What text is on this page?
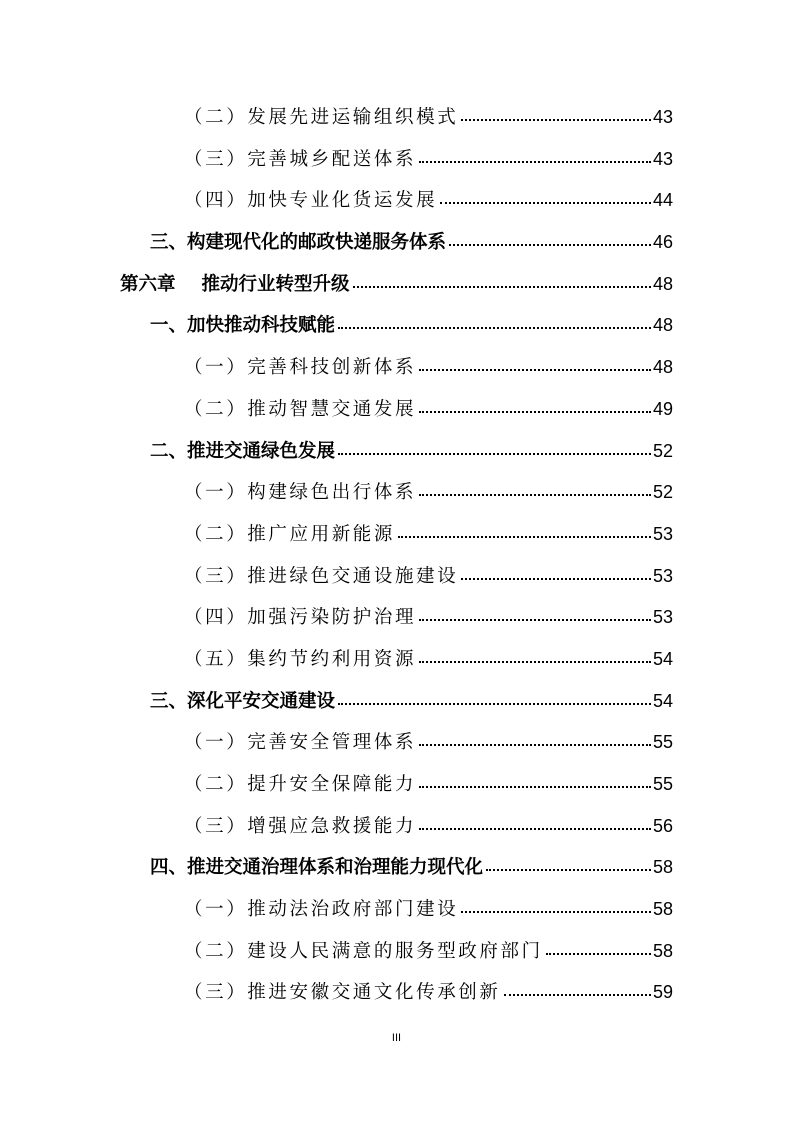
（二）发展先进运输组织模式	43
（三）完善城乡配送体系	43
（四）加快专业化货运发展	44
三、构建现代化的邮政快递服务体系	46
第六章 推动行业转型升级	48
一、加快推动科技赋能	48
（一）完善科技创新体系	48
（二）推动智慧交通发展	49
二、推进交通绿色发展	52
（一）构建绿色出行体系	52
（二）推广应用新能源	53
（三）推进绿色交通设施建设	53
（四）加强污染防护治理	53
（五）集约节约利用资源	54
三、深化平安交通建设	54
（一）完善安全管理体系	55
（二）提升安全保障能力	55
（三）增强应急救援能力	56
四、推进交通治理体系和治理能力现代化	58
（一）推动法治政府部门建设	58
（二）建设人民满意的服务型政府部门	58
（三）推进安徽交通文化传承创新	59
III
